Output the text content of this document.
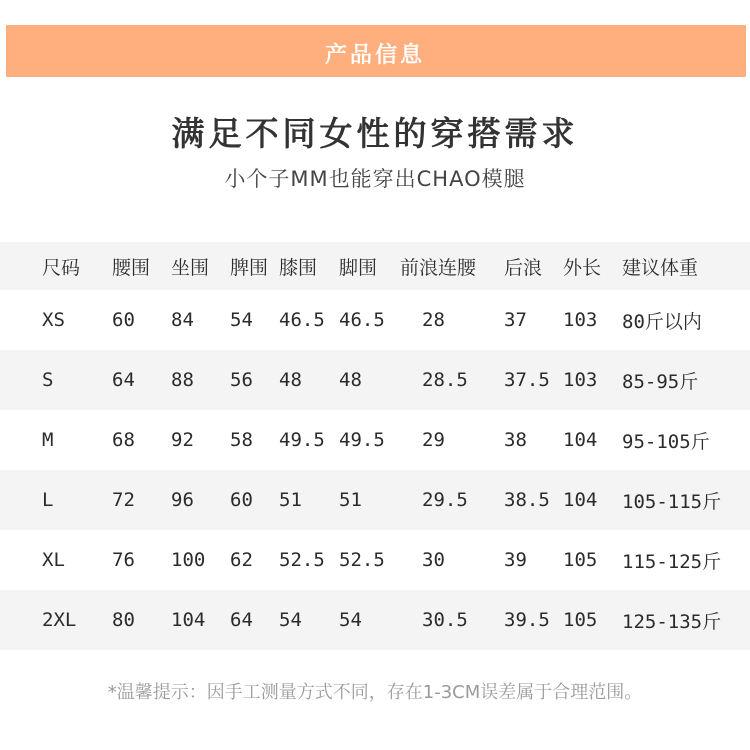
产品信息
满足不同女性的穿搭需求
小个子MM也能穿出CHAO模腿
尺码 腰围 坐围 脾围 膝围 脚围 前浪连腰 后浪 外长 建议体重
XS 60 84 54 46.5 46.5 28	37 103 80斤以内
S	64 88 56 48 48	28.5 37.5 103 85-95斤
M	68 92 58 49.5 49.5 29	38 104 95-105斤
L	72 96 60 51 51	29.5 38.5 104 105-115斤
XL 76 100 62 52.5 52.5 30	39 105 115-125斤
2XL 80 104 64 54 54	30.5 39.5 105 125-135斤
*温馨提示：因手工测量方式不同，存在1-3CM误差属于合理范围。
